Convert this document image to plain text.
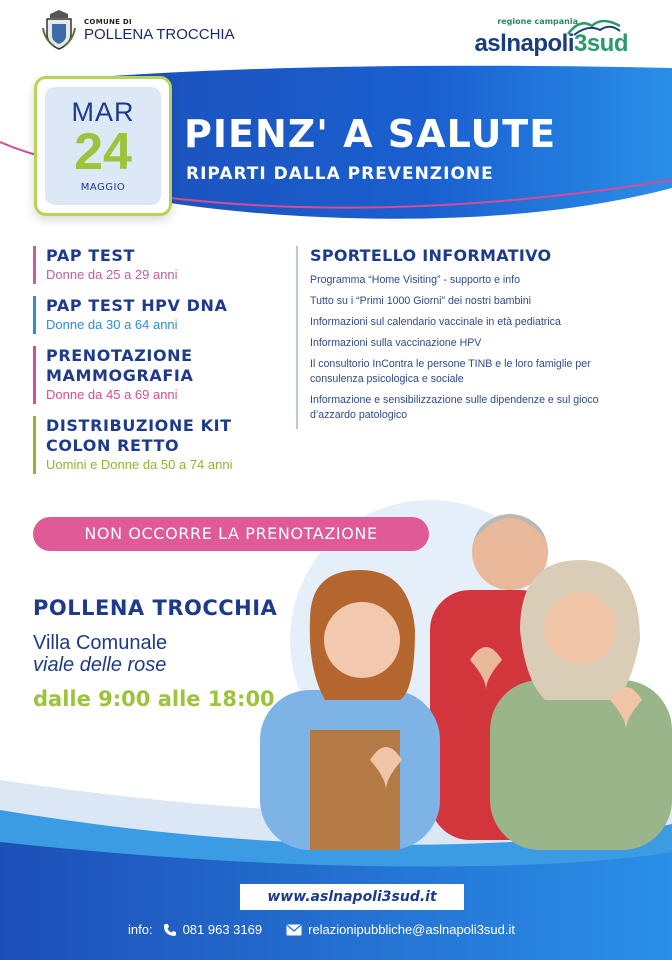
COMUNE DI
POLLENA TROCCHIA
regione campania
aslnapoli3sud
MAR
24
MAGGIO
PIENZ' A SALUTE
RIPARTI DALLA PREVENZIONE
PAP TEST
Donne da 25 a 29 anni
PAP TEST HPV DNA
Donne da 30 a 64 anni
PRENOTAZIONE MAMMOGRAFIA
Donne da 45 a 69 anni
DISTRIBUZIONE KIT COLON RETTO
Uomini e Donne da 50 a 74 anni
SPORTELLO INFORMATIVO
Programma “Home Visiting” - supporto e info
Tutto su i “Primi 1000 Giorni” dei nostri bambini
Informazioni sul calendario vaccinale in età pediatrica
Informazioni sulla vaccinazione HPV
Il consultorio InContra le persone TINB e le loro famiglie per consulenza psicologica e sociale
Informazione e sensibilizzazione sulle dipendenze e sul gioco d’azzardo patologico
NON OCCORRE LA PRENOTAZIONE
POLLENA TROCCHIA
Villa Comunale
viale delle rose
dalle 9:00 alle 18:00
www.aslnapoli3sud.it
info: 081 963 3169	relazionipubbliche@aslnapoli3sud.it
